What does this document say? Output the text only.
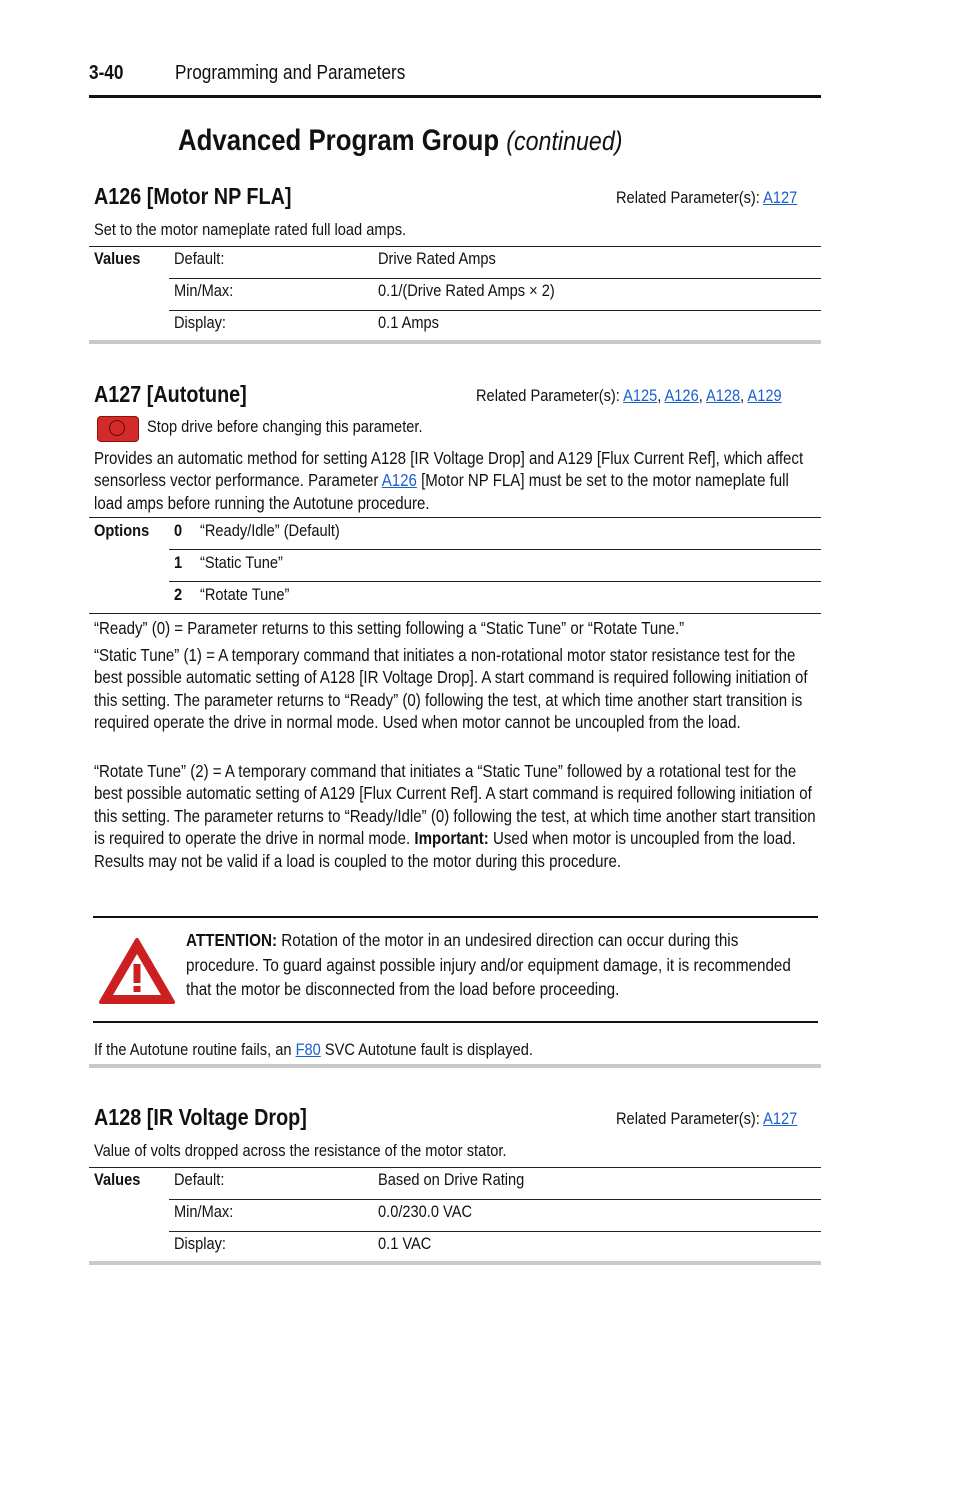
3-40	Programming and Parameters
Advanced Program Group (continued)
A126 [Motor NP FLA]	Related Parameter(s): A127
Set to the motor nameplate rated full load amps.
Values	Default:	Drive Rated Amps
Min/Max:	0.1/(Drive Rated Amps × 2)
Display:	0.1 Amps
A127 [Autotune]	Related Parameter(s): A125, A126, A128, A129
Stop drive before changing this parameter.
Provides an automatic method for setting A128 [IR Voltage Drop] and A129 [Flux Current Ref], which affect sensorless vector performance. Parameter A126 [Motor NP FLA] must be set to the motor nameplate full load amps before running the Autotune procedure.
Options	0 “Ready/Idle” (Default)
1 “Static Tune”
2 “Rotate Tune”
“Ready” (0) = Parameter returns to this setting following a “Static Tune” or “Rotate Tune.”
“Static Tune” (1) = A temporary command that initiates a non-rotational motor stator resistance test for the best possible automatic setting of A128 [IR Voltage Drop]. A start command is required following initiation of this setting. The parameter returns to “Ready” (0) following the test, at which time another start transition is required operate the drive in normal mode. Used when motor cannot be uncoupled from the load.
“Rotate Tune” (2) = A temporary command that initiates a “Static Tune” followed by a rotational test for the best possible automatic setting of A129 [Flux Current Ref]. A start command is required following initiation of this setting. The parameter returns to “Ready/Idle” (0) following the test, at which time another start transition is required to operate the drive in normal mode. Important: Used when motor is uncoupled from the load. Results may not be valid if a load is coupled to the motor during this procedure.
ATTENTION: Rotation of the motor in an undesired direction can occur during this procedure. To guard against possible injury and/or equipment damage, it is recommended that the motor be disconnected from the load before proceeding.
If the Autotune routine fails, an F80 SVC Autotune fault is displayed.
A128 [IR Voltage Drop]	Related Parameter(s): A127
Value of volts dropped across the resistance of the motor stator.
Values	Default:	Based on Drive Rating
Min/Max:	0.0/230.0 VAC
Display:	0.1 VAC
